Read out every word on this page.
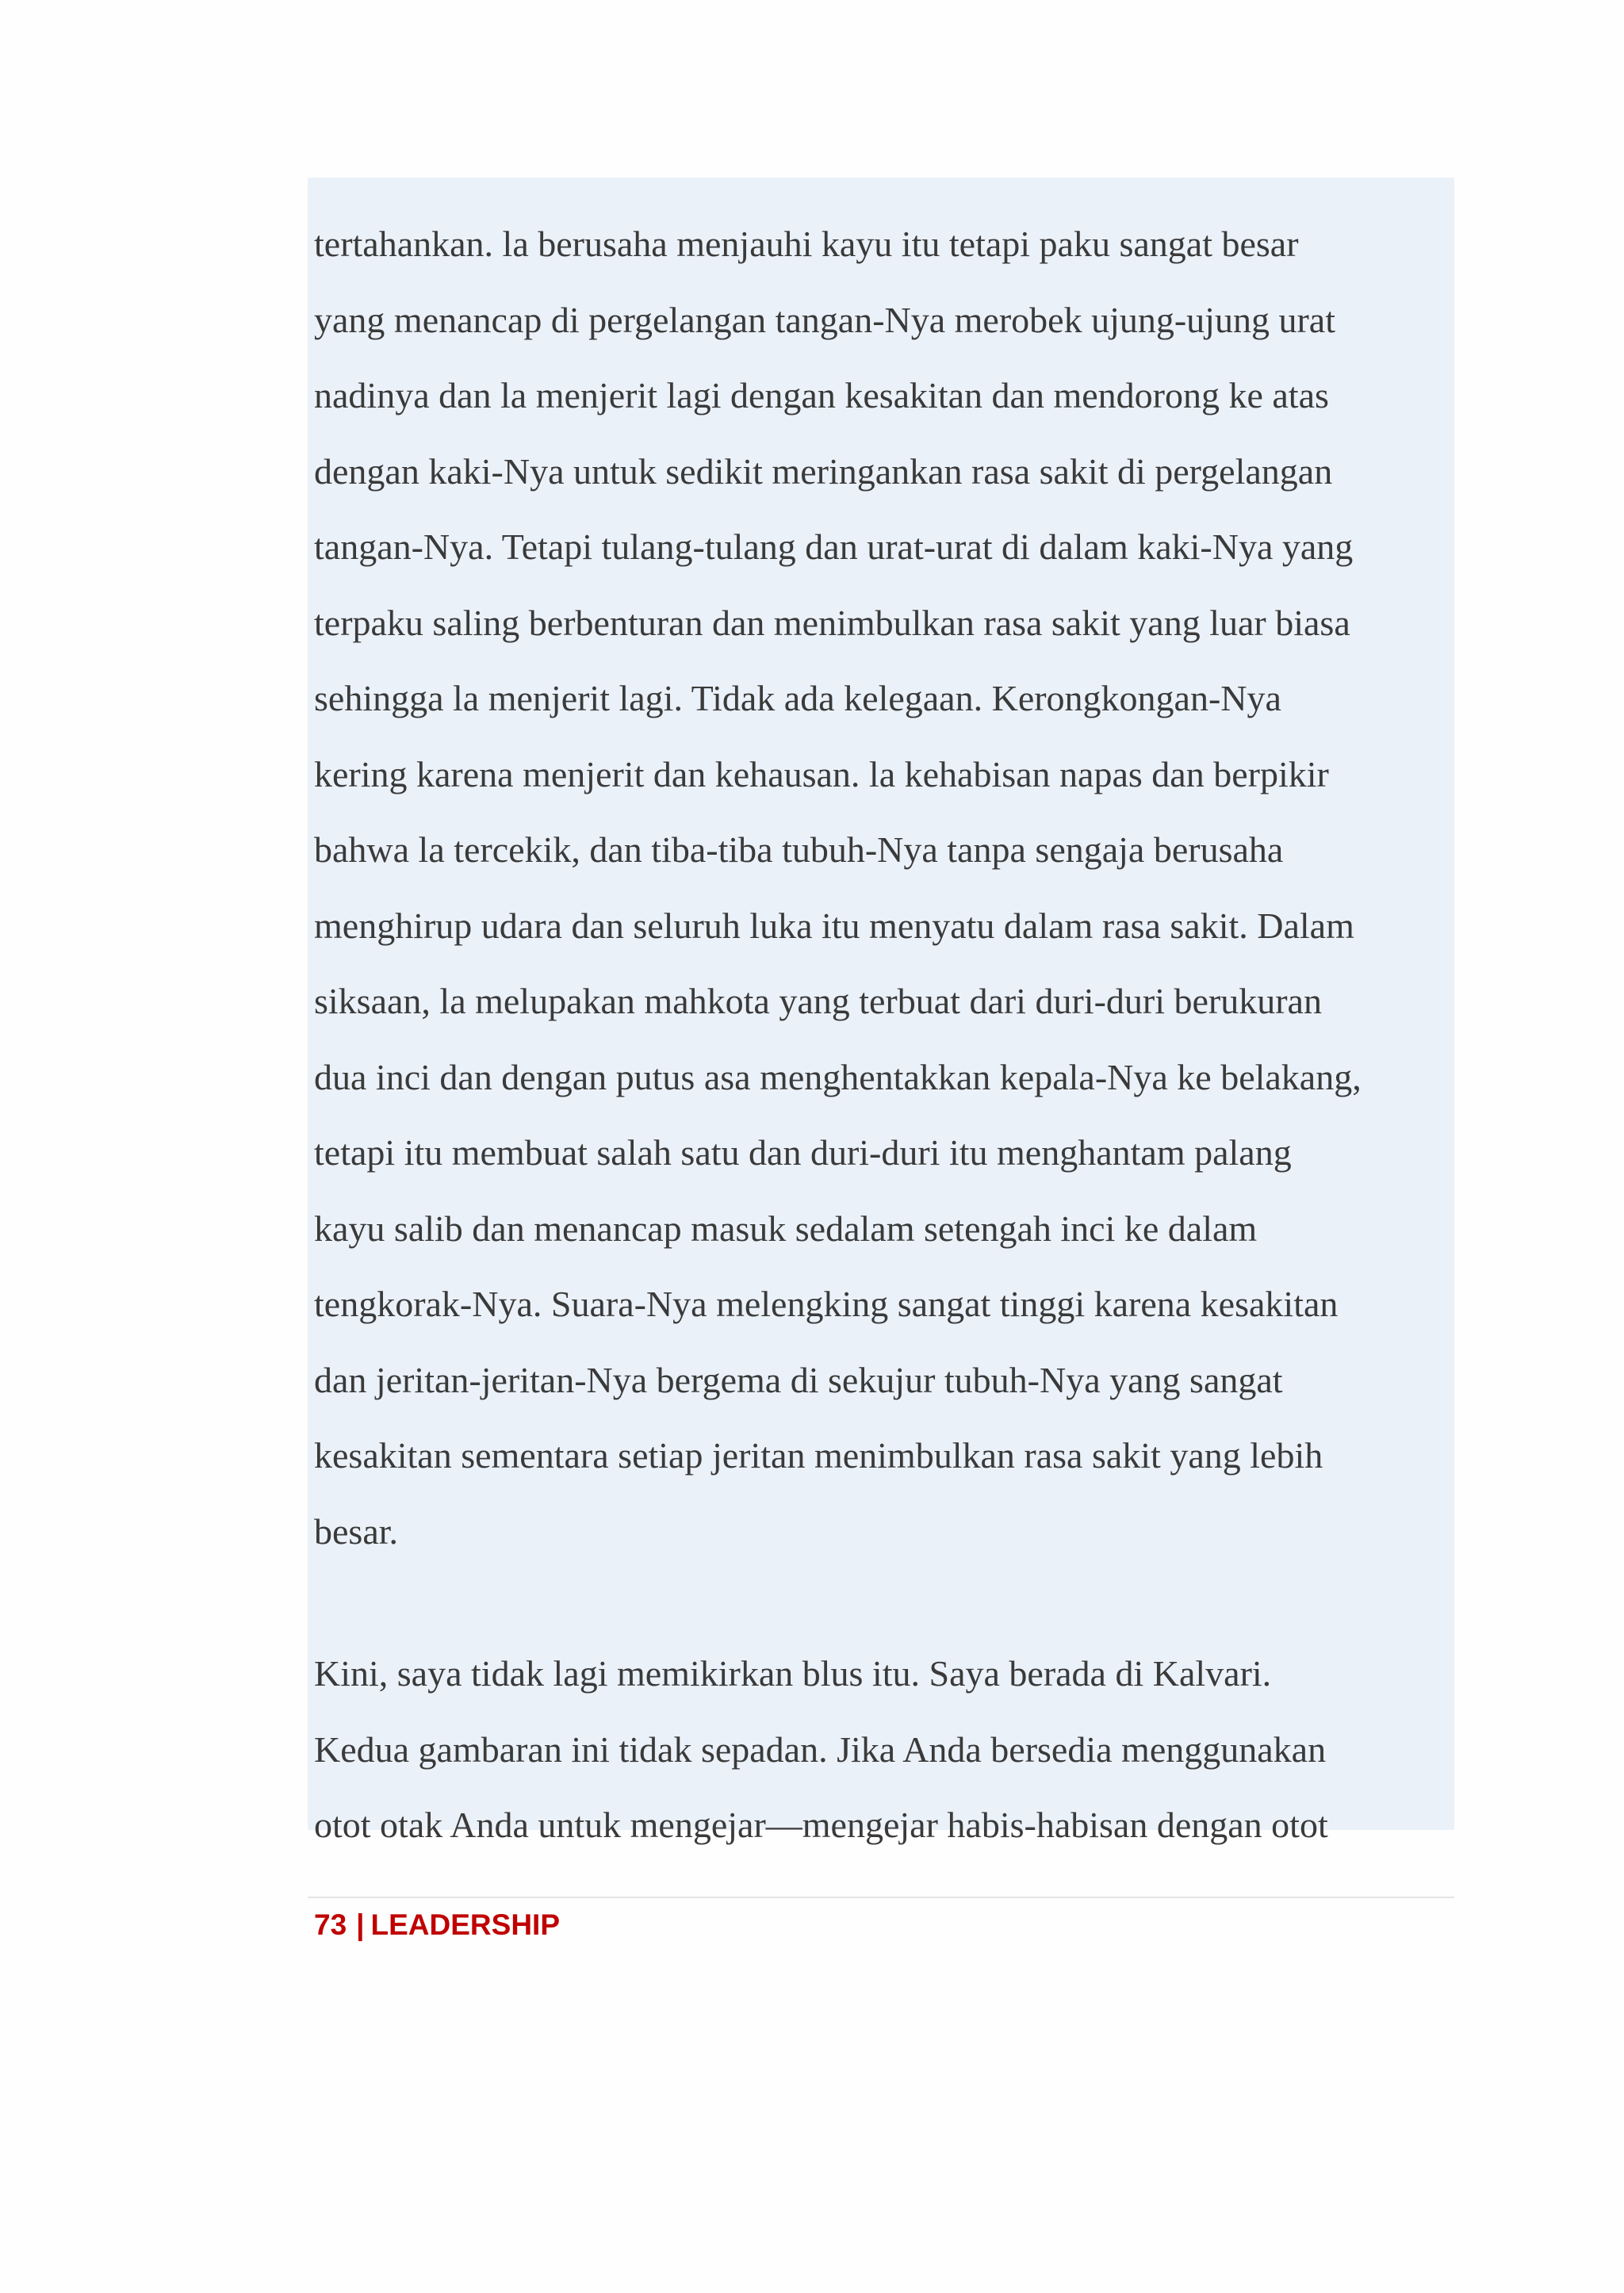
tertahankan. la berusaha menjauhi kayu itu tetapi paku sangat besar
yang menancap di pergelangan tangan-Nya merobek ujung-ujung urat
nadinya dan la menjerit lagi dengan kesakitan dan mendorong ke atas
dengan kaki-Nya untuk sedikit meringankan rasa sakit di pergelangan
tangan-Nya. Tetapi tulang-tulang dan urat-urat di dalam kaki-Nya yang
terpaku saling berbenturan dan menimbulkan rasa sakit yang luar biasa
sehingga la menjerit lagi. Tidak ada kelegaan. Kerongkongan-Nya
kering karena menjerit dan kehausan. la kehabisan napas dan berpikir
bahwa la tercekik, dan tiba-tiba tubuh-Nya tanpa sengaja berusaha
menghirup udara dan seluruh luka itu menyatu dalam rasa sakit. Dalam
siksaan, la melupakan mahkota yang terbuat dari duri-duri berukuran
dua inci dan dengan putus asa menghentakkan kepala-Nya ke belakang,
tetapi itu membuat salah satu dan duri-duri itu menghantam palang
kayu salib dan menancap masuk sedalam setengah inci ke dalam
tengkorak-Nya. Suara-Nya melengking sangat tinggi karena kesakitan
dan jeritan-jeritan-Nya bergema di sekujur tubuh-Nya yang sangat
kesakitan sementara setiap jeritan menimbulkan rasa sakit yang lebih
besar.

Kini, saya tidak lagi memikirkan blus itu. Saya berada di Kalvari.
Kedua gambaran ini tidak sepadan. Jika Anda bersedia menggunakan
otot otak Anda untuk mengejar—mengejar habis-habisan dengan otot

73 | LEADERSHIP
